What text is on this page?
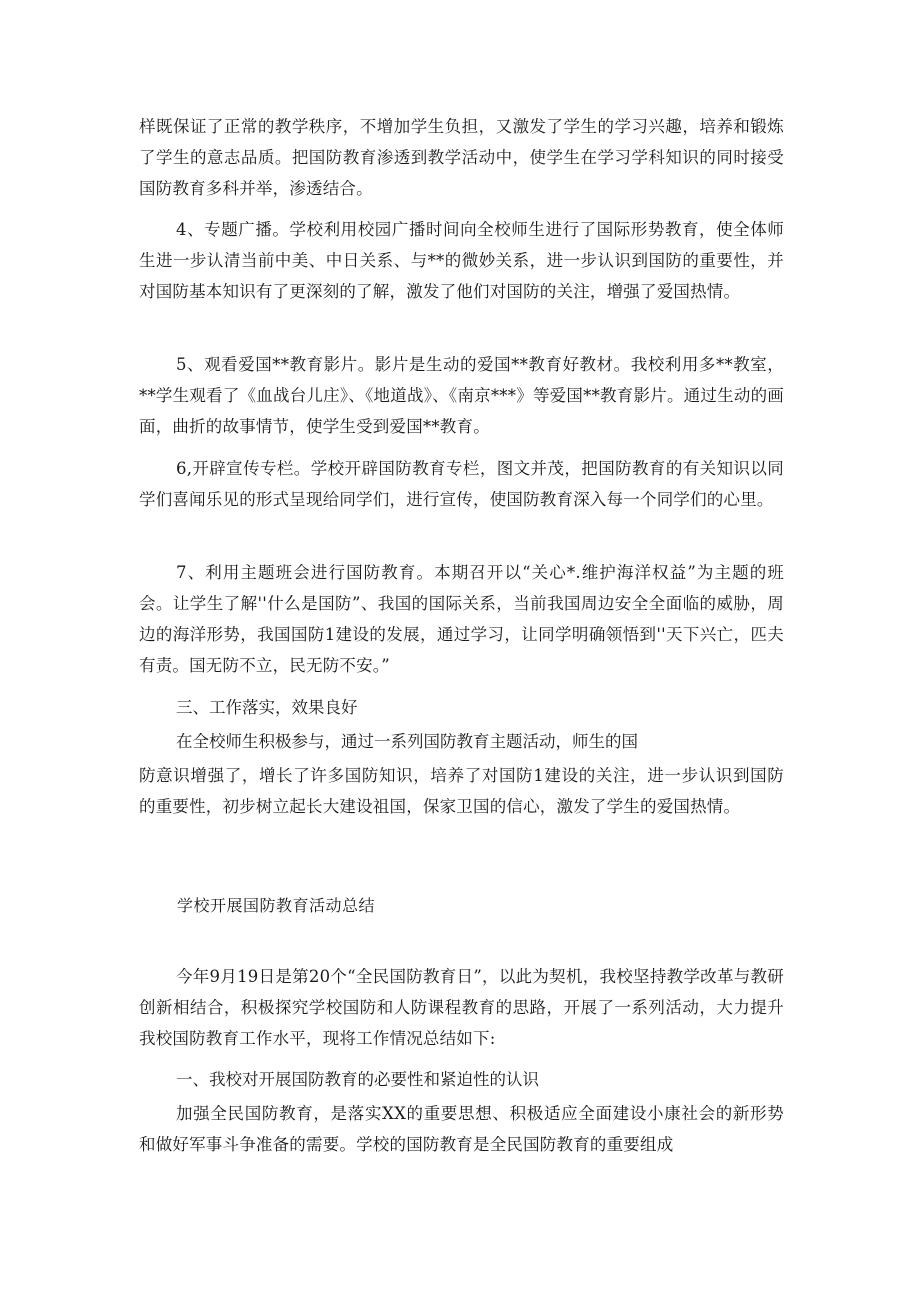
样既保证了正常的教学秩序，不增加学生负担，又激发了学生的学习兴趣，培养和锻炼了学生的意志品质。把国防教育渗透到教学活动中，使学生在学习学科知识的同时接受国防教育多科并举，渗透结合。

4、专题广播。学校利用校园广播时间向全校师生进行了国际形势教育，使全体师生进一步认清当前中美、中日关系、与**的微妙关系，进一步认识到国防的重要性，并对国防基本知识有了更深刻的了解，激发了他们对国防的关注，增强了爱国热情。

5、观看爱国**教育影片。影片是生动的爱国**教育好教材。我校利用多**教室，**学生观看了《血战台儿庄》、《地道战》、《南京***》等爱国**教育影片。通过生动的画面，曲折的故事情节，使学生受到爱国**教育。

6,开辟宣传专栏。学校开辟国防教育专栏，图文并茂，把国防教育的有关知识以同学们喜闻乐见的形式呈现给同学们，进行宣传，使国防教育深入每一个同学们的心里。

7、利用主题班会进行国防教育。本期召开以“关心*.维护海洋权益”为主题的班会。让学生了解''什么是国防”、我国的国际关系，当前我国周边安全全面临的威胁，周边的海洋形势，我国国防1建设的发展，通过学习，让同学明确领悟到''天下兴亡，匹夫有责。国无防不立，民无防不安。”

三、工作落实，效果良好

在全校师生积极参与，通过一系列国防教育主题活动，师生的国

防意识增强了，增长了许多国防知识，培养了对国防1建设的关注，进一步认识到国防的重要性，初步树立起长大建设祖国，保家卫国的信心，激发了学生的爱国热情。

学校开展国防教育活动总结

今年9月19日是第20个“全民国防教育日”，以此为契机，我校坚持教学改革与教研创新相结合，积极探究学校国防和人防课程教育的思路，开展了一系列活动，大力提升我校国防教育工作水平，现将工作情况总结如下:

一、我校对开展国防教育的必要性和紧迫性的认识

加强全民国防教育，是落实XX的重要思想、积极适应全面建设小康社会的新形势和做好军事斗争准备的需要。学校的国防教育是全民国防教育的重要组成
